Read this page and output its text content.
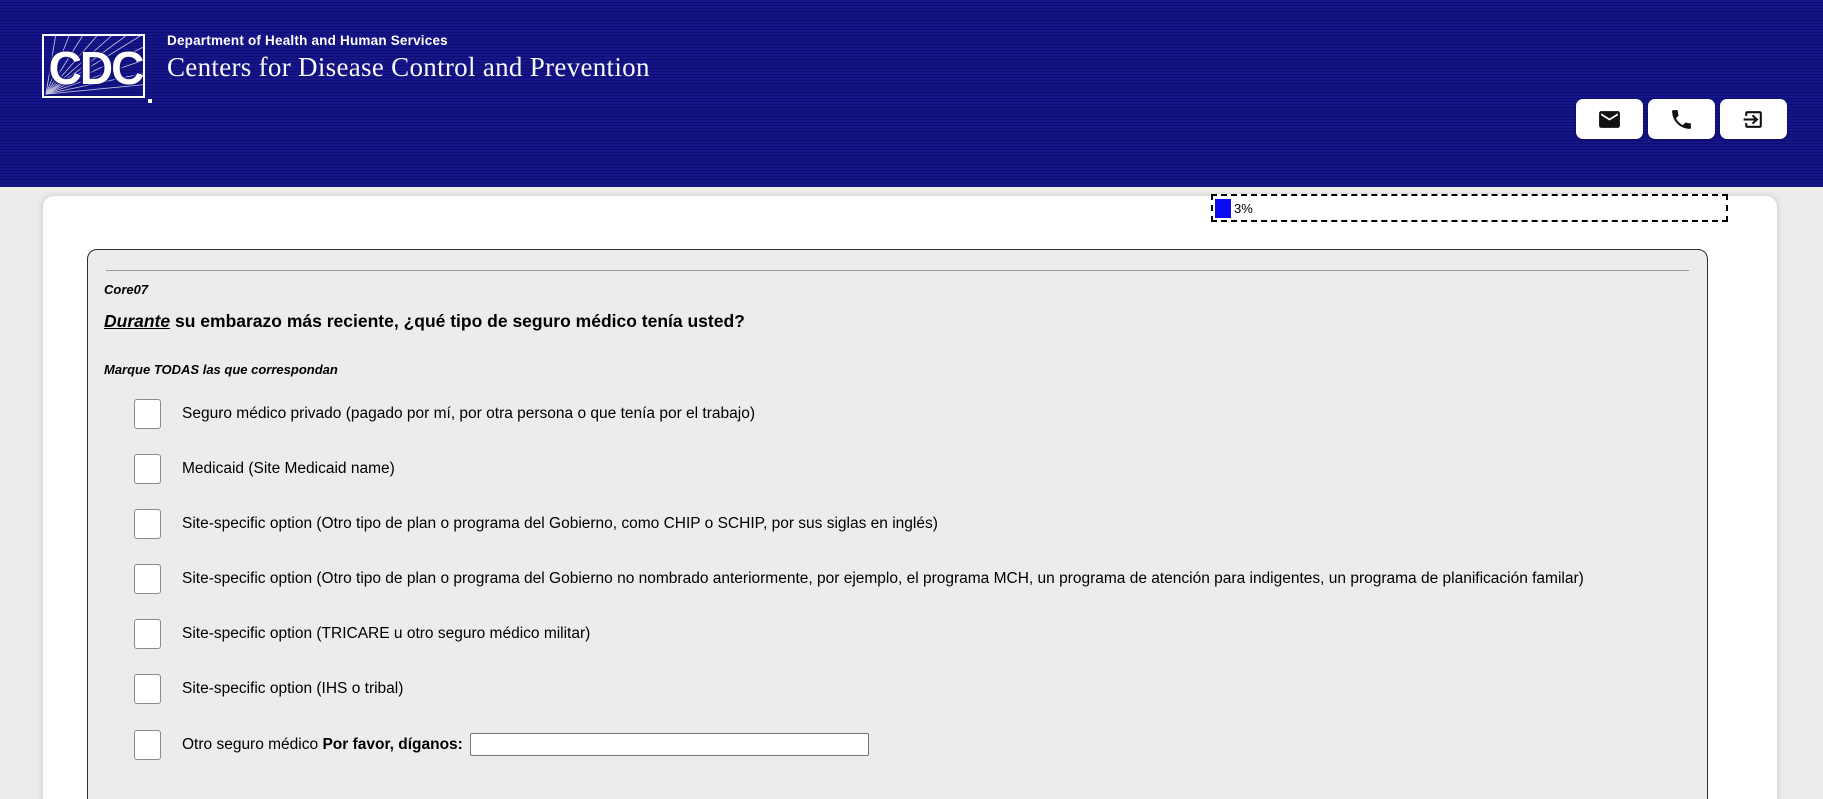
CDC
Department of Health and Human Services
Centers for Disease Control and Prevention
3%
Core07
Durante su embarazo más reciente, ¿qué tipo de seguro médico tenía usted?
Marque TODAS las que correspondan
Seguro médico privado (pagado por mí, por otra persona o que tenía por el trabajo)
Medicaid (Site Medicaid name)
Site-specific option (Otro tipo de plan o programa del Gobierno, como CHIP o SCHIP, por sus siglas en inglés)
Site-specific option (Otro tipo de plan o programa del Gobierno no nombrado anteriormente, por ejemplo, el programa MCH, un programa de atención para indigentes, un programa de planificación familar)
Site-specific option (TRICARE u otro seguro médico militar)
Site-specific option (IHS o tribal)
Otro seguro médico Por favor, díganos:
